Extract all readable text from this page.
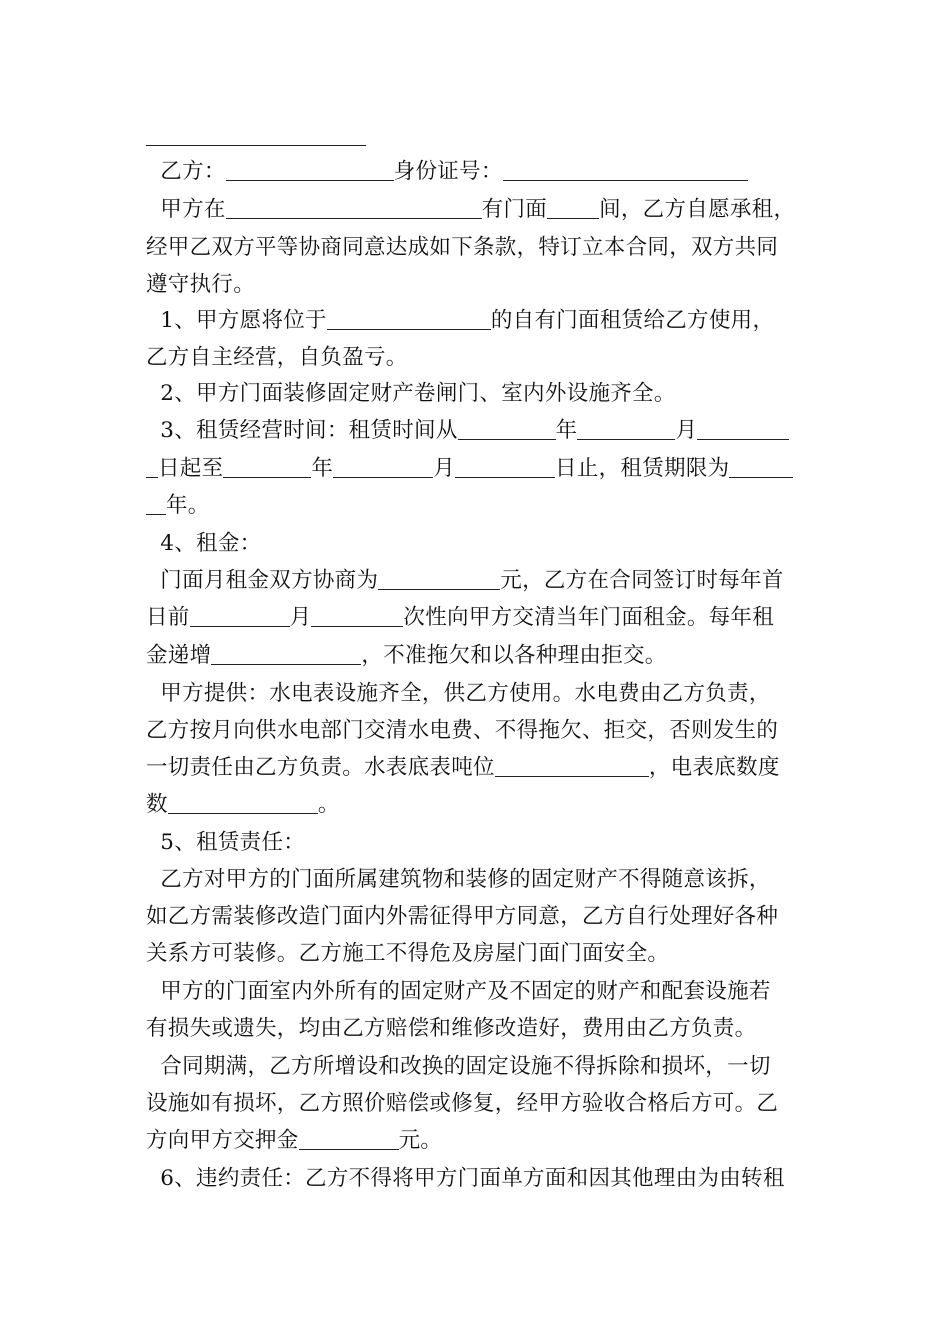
乙方：	身份证号：
甲方在	有门面 间，乙方自愿承租，
经甲乙双方平等协商同意达成如下条款，特订立本合同，双方共同
遵守执行。
1、甲方愿将位于	的自有门面租赁给乙方使用，
乙方自主经营，自负盈亏。
2、甲方门面装修固定财产卷闸门、室内外设施齐全。
3、租赁经营时间：租赁时间从	年	月
日起至	年	月	日止，租赁期限为
年。
4、租金：
门面月租金双方协商为	元，乙方在合同签订时每年首
日前	月	次性向甲方交清当年门面租金。每年租
金递增	，不准拖欠和以各种理由拒交。
甲方提供：水电表设施齐全，供乙方使用。水电费由乙方负责，
乙方按月向供水电部门交清水电费、不得拖欠、拒交，否则发生的
一切责任由乙方负责。水表底表吨位	，电表底数度
数	。
5、租赁责任：
乙方对甲方的门面所属建筑物和装修的固定财产不得随意该拆，
如乙方需装修改造门面内外需征得甲方同意，乙方自行处理好各种
关系方可装修。乙方施工不得危及房屋门面门面安全。
甲方的门面室内外所有的固定财产及不固定的财产和配套设施若
有损失或遗失，均由乙方赔偿和维修改造好，费用由乙方负责。
合同期满，乙方所增设和改换的固定设施不得拆除和损坏，一切
设施如有损坏，乙方照价赔偿或修复，经甲方验收合格后方可。乙
方向甲方交押金	元。
6、违约责任：乙方不得将甲方门面单方面和因其他理由为由转租
